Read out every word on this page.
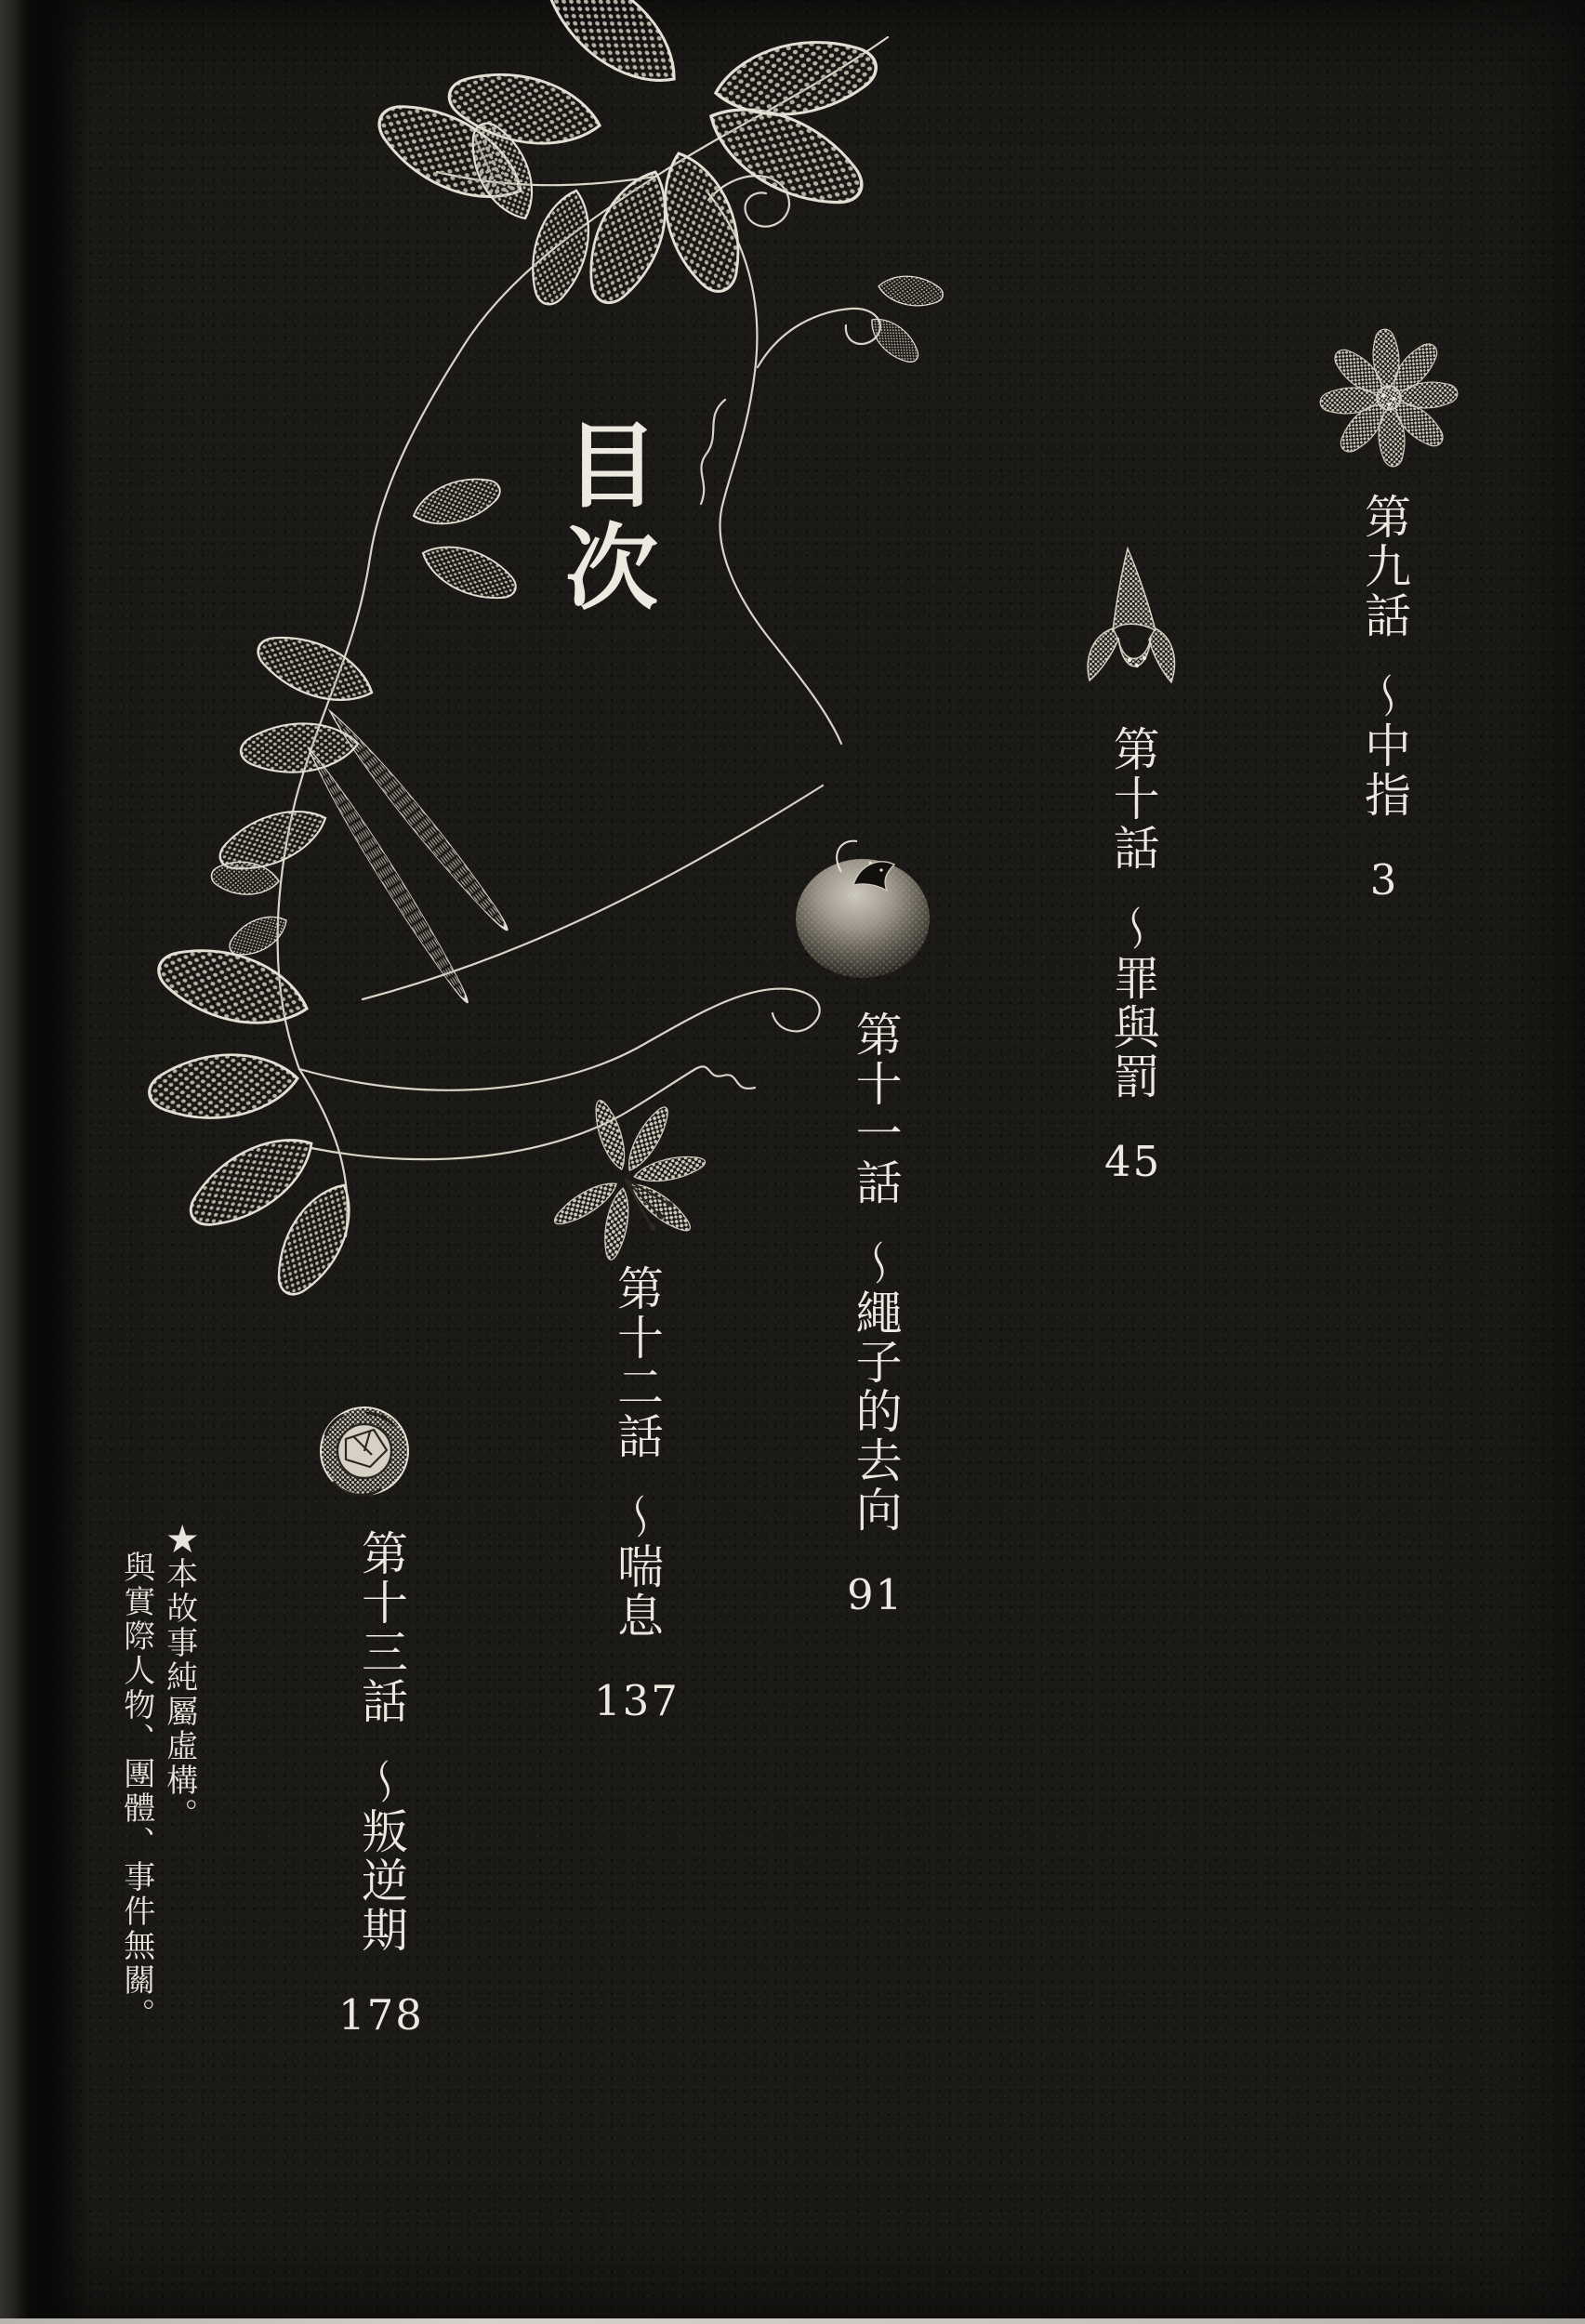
目次	第九話〜中指3
第十話〜罪與罰45
第十一話〜繩子的去向91
第十二話〜喘息137
第十三話〜叛逆期178
★本故事純屬虛構。
與實際人物、團體、事件無關。
